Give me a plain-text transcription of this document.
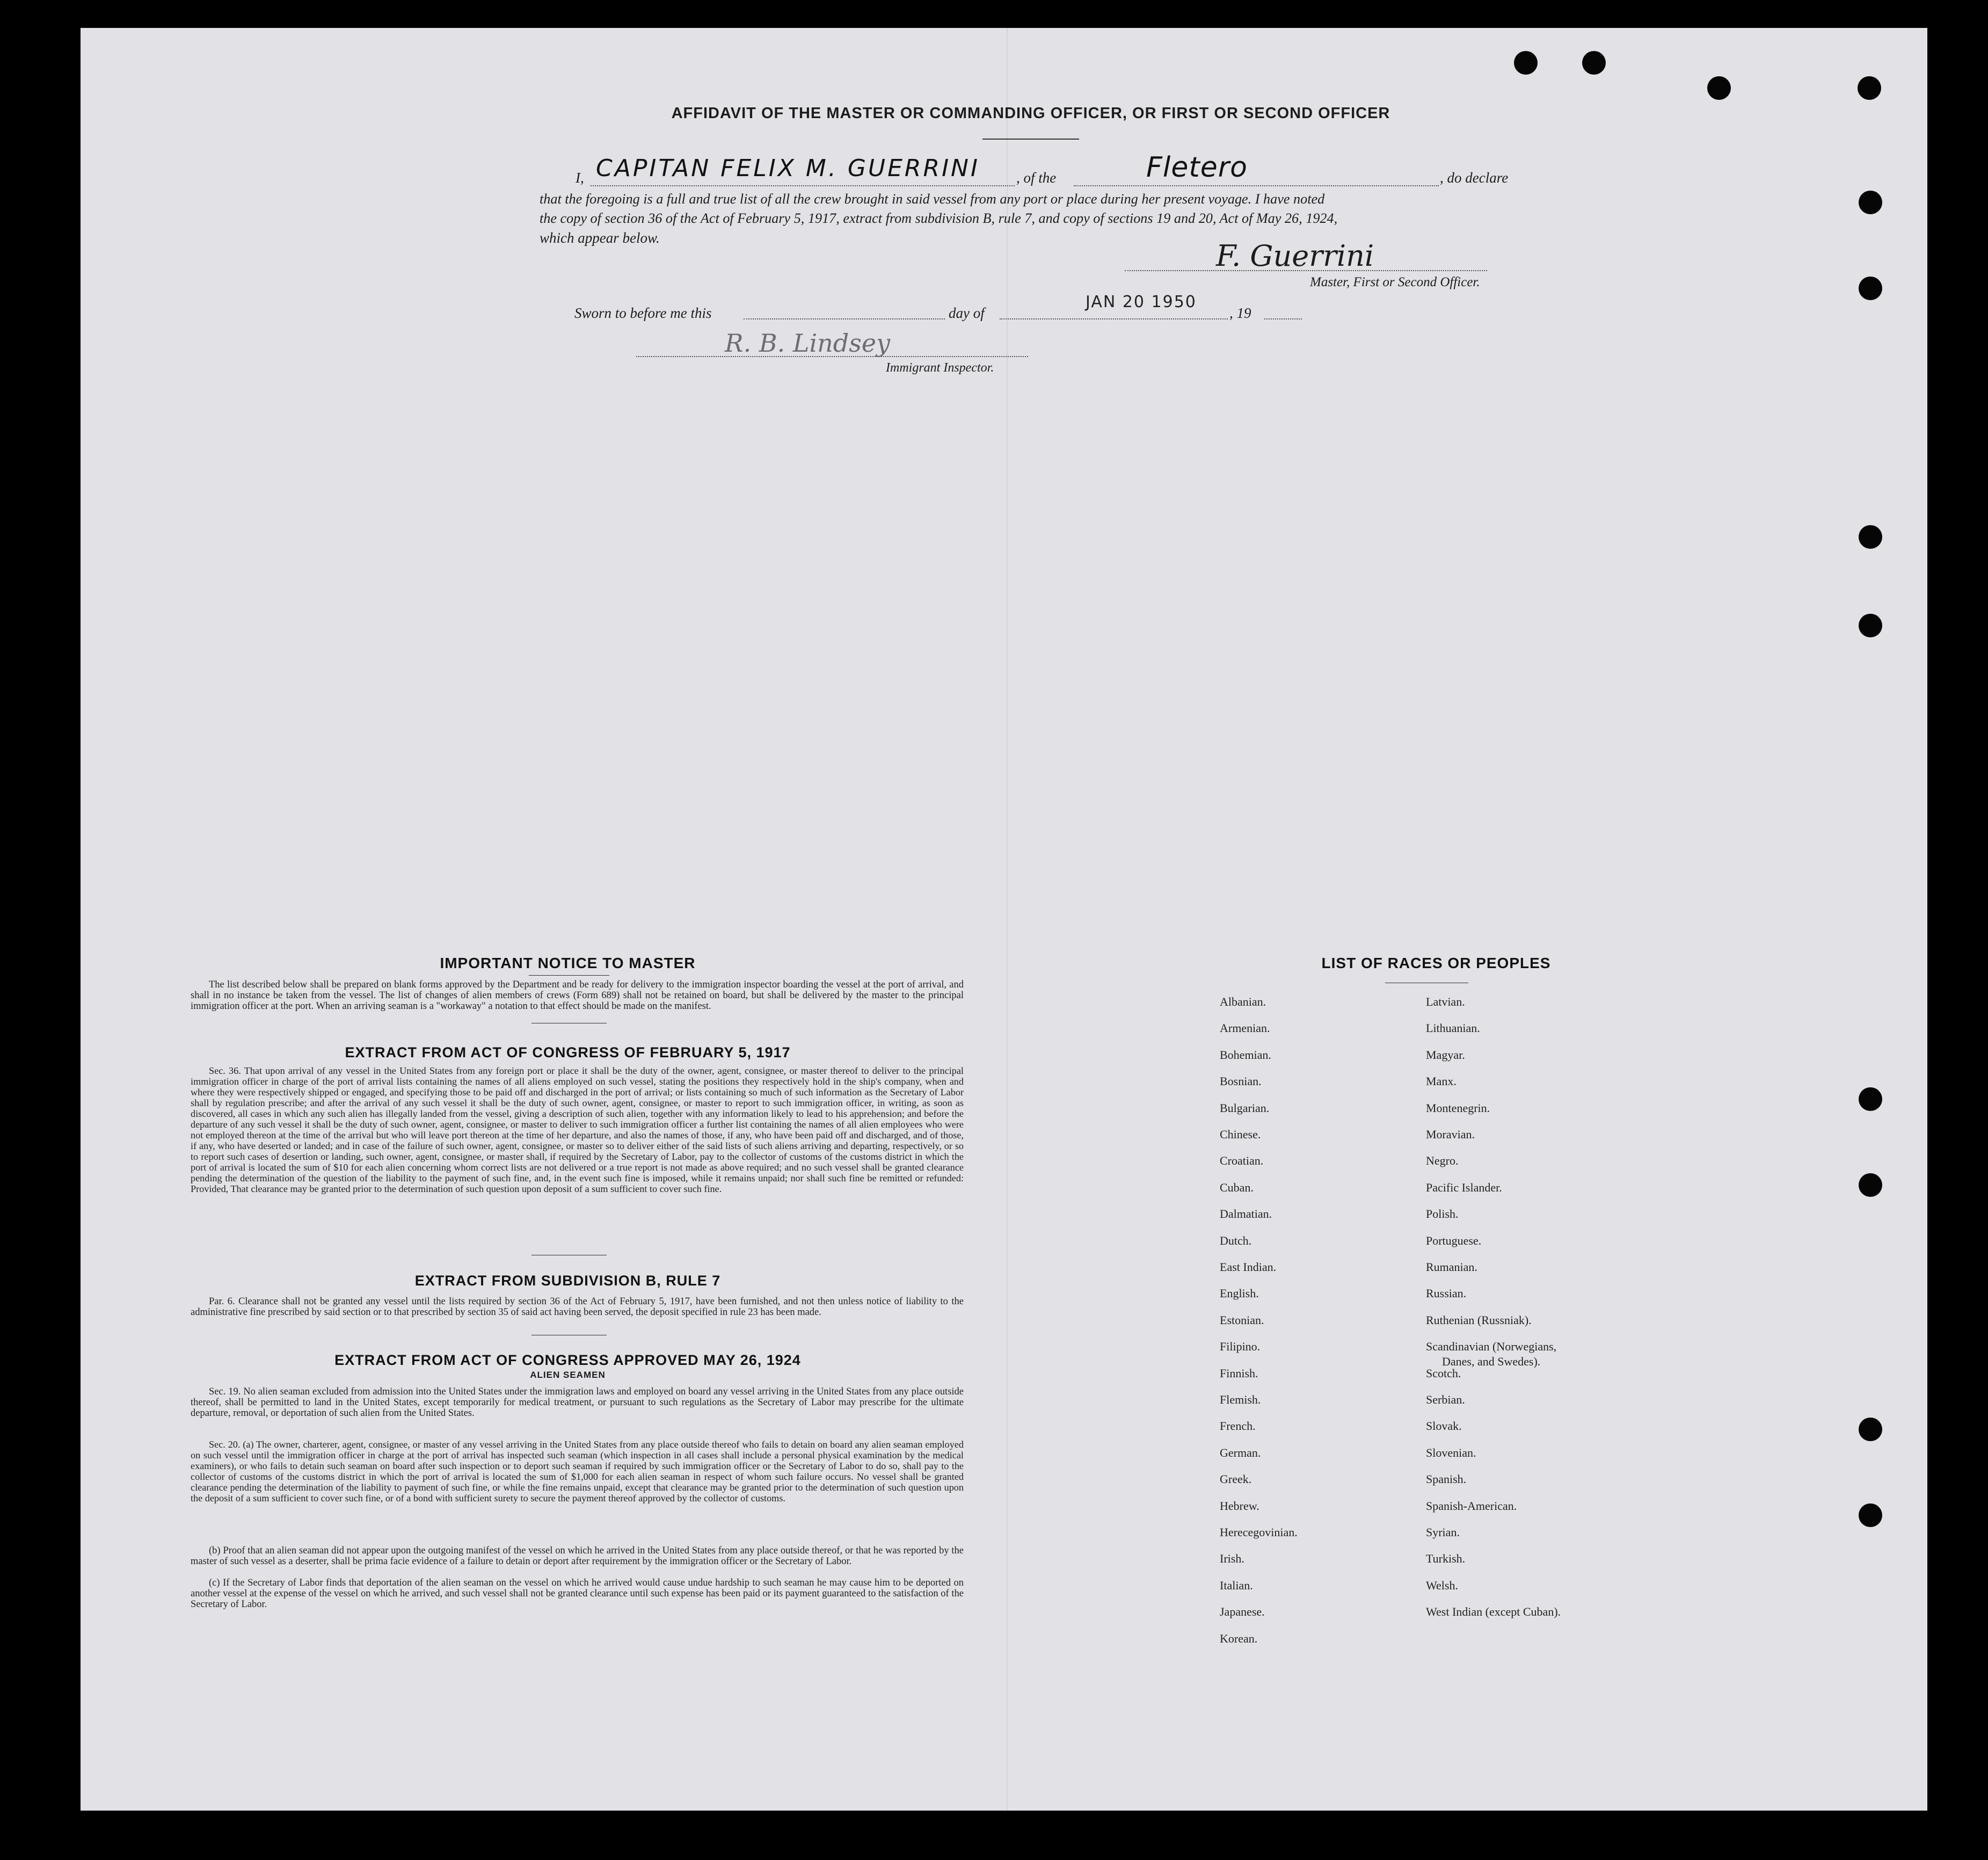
AFFIDAVIT OF THE MASTER OR COMMANDING OFFICER, OR FIRST OR SECOND OFFICER
I, CAPITAN FELIX M. GUERRINI	, of the	Fletero	, do declare
that the foregoing is a full and true list of all the crew brought in said vessel from any port or place during her present voyage. I have noted
the copy of section 36 of the Act of February 5, 1917, extract from subdivision B, rule 7, and copy of sections 19 and 20, Act of May 26, 1924,
which appear below.
F. Guerrini
Master, First or Second Officer.
Sworn to before me this	day of
JAN 20 1950
, 19
R. B. Lindsey
Immigrant Inspector.
IMPORTANT NOTICE TO MASTER
The list described below shall be prepared on blank forms approved by the Department and be ready for delivery to the immigration inspector boarding the vessel at the port of arrival, and shall in no instance be taken from the vessel. The list of changes of alien members of crews (Form 689) shall not be retained on board, but shall be delivered by the master to the principal immigration officer at the port. When an arriving seaman is a "workaway" a notation to that effect should be made on the manifest.
EXTRACT FROM ACT OF CONGRESS OF FEBRUARY 5, 1917
Sec. 36. That upon arrival of any vessel in the United States from any foreign port or place it shall be the duty of the owner, agent, consignee, or master thereof to deliver to the principal immigration officer in charge of the port of arrival lists containing the names of all aliens employed on such vessel, stating the positions they respectively hold in the ship's company, when and where they were respectively shipped or engaged, and specifying those to be paid off and discharged in the port of arrival; or lists containing so much of such information as the Secretary of Labor shall by regulation prescribe; and after the arrival of any such vessel it shall be the duty of such owner, agent, consignee, or master to report to such immigration officer, in writing, as soon as discovered, all cases in which any such alien has illegally landed from the vessel, giving a description of such alien, together with any information likely to lead to his apprehension; and before the departure of any such vessel it shall be the duty of such owner, agent, consignee, or master to deliver to such immigration officer a further list containing the names of all alien employees who were not employed thereon at the time of the arrival but who will leave port thereon at the time of her departure, and also the names of those, if any, who have been paid off and discharged, and of those, if any, who have deserted or landed; and in case of the failure of such owner, agent, consignee, or master so to deliver either of the said lists of such aliens arriving and departing, respectively, or so to report such cases of desertion or landing, such owner, agent, consignee, or master shall, if required by the Secretary of Labor, pay to the collector of customs of the customs district in which the port of arrival is located the sum of $10 for each alien concerning whom correct lists are not delivered or a true report is not made as above required; and no such vessel shall be granted clearance pending the determination of the question of the liability to the payment of such fine, and, in the event such fine is imposed, while it remains unpaid; nor shall such fine be remitted or refunded: Provided, That clearance may be granted prior to the determination of such question upon deposit of a sum sufficient to cover such fine.
EXTRACT FROM SUBDIVISION B, RULE 7
Par. 6. Clearance shall not be granted any vessel until the lists required by section 36 of the Act of February 5, 1917, have been furnished, and not then unless notice of liability to the administrative fine prescribed by said section or to that prescribed by section 35 of said act having been served, the deposit specified in rule 23 has been made.
EXTRACT FROM ACT OF CONGRESS APPROVED MAY 26, 1924
ALIEN SEAMEN
Sec. 19. No alien seaman excluded from admission into the United States under the immigration laws and employed on board any vessel arriving in the United States from any place outside thereof, shall be permitted to land in the United States, except temporarily for medical treatment, or pursuant to such regulations as the Secretary of Labor may prescribe for the ultimate departure, removal, or deportation of such alien from the United States.
Sec. 20. (a) The owner, charterer, agent, consignee, or master of any vessel arriving in the United States from any place outside thereof who fails to detain on board any alien seaman employed on such vessel until the immigration officer in charge at the port of arrival has inspected such seaman (which inspection in all cases shall include a personal physical examination by the medical examiners), or who fails to detain such seaman on board after such inspection or to deport such seaman if required by such immigration officer or the Secretary of Labor to do so, shall pay to the collector of customs of the customs district in which the port of arrival is located the sum of $1,000 for each alien seaman in respect of whom such failure occurs. No vessel shall be granted clearance pending the determination of the liability to payment of such fine, or while the fine remains unpaid, except that clearance may be granted prior to the determination of such question upon the deposit of a sum sufficient to cover such fine, or of a bond with sufficient surety to secure the payment thereof approved by the collector of customs.
(b) Proof that an alien seaman did not appear upon the outgoing manifest of the vessel on which he arrived in the United States from any place outside thereof, or that he was reported by the master of such vessel as a deserter, shall be prima facie evidence of a failure to detain or deport after requirement by the immigration officer or the Secretary of Labor.
(c) If the Secretary of Labor finds that deportation of the alien seaman on the vessel on which he arrived would cause undue hardship to such seaman he may cause him to be deported on another vessel at the expense of the vessel on which he arrived, and such vessel shall not be granted clearance until such expense has been paid or its payment guaranteed to the satisfaction of the Secretary of Labor.
LIST OF RACES OR PEOPLES
Albanian.
Armenian.
Bohemian.
Bosnian.
Bulgarian.
Chinese.
Croatian.
Cuban.
Dalmatian.
Dutch.
East Indian.
English.
Estonian.
Filipino.
Finnish.
Flemish.
French.
German.
Greek.
Hebrew.
Herecegovinian.
Irish.
Italian.
Japanese.
Korean.
Latvian.
Lithuanian.
Magyar.
Manx.
Montenegrin.
Moravian.
Negro.
Pacific Islander.
Polish.
Portuguese.
Rumanian.
Russian.
Ruthenian (Russniak).
Scandinavian (Norwegians,
Danes, and Swedes).
Scotch.
Serbian.
Slovak.
Slovenian.
Spanish.
Spanish-American.
Syrian.
Turkish.
Welsh.
West Indian (except Cuban).
